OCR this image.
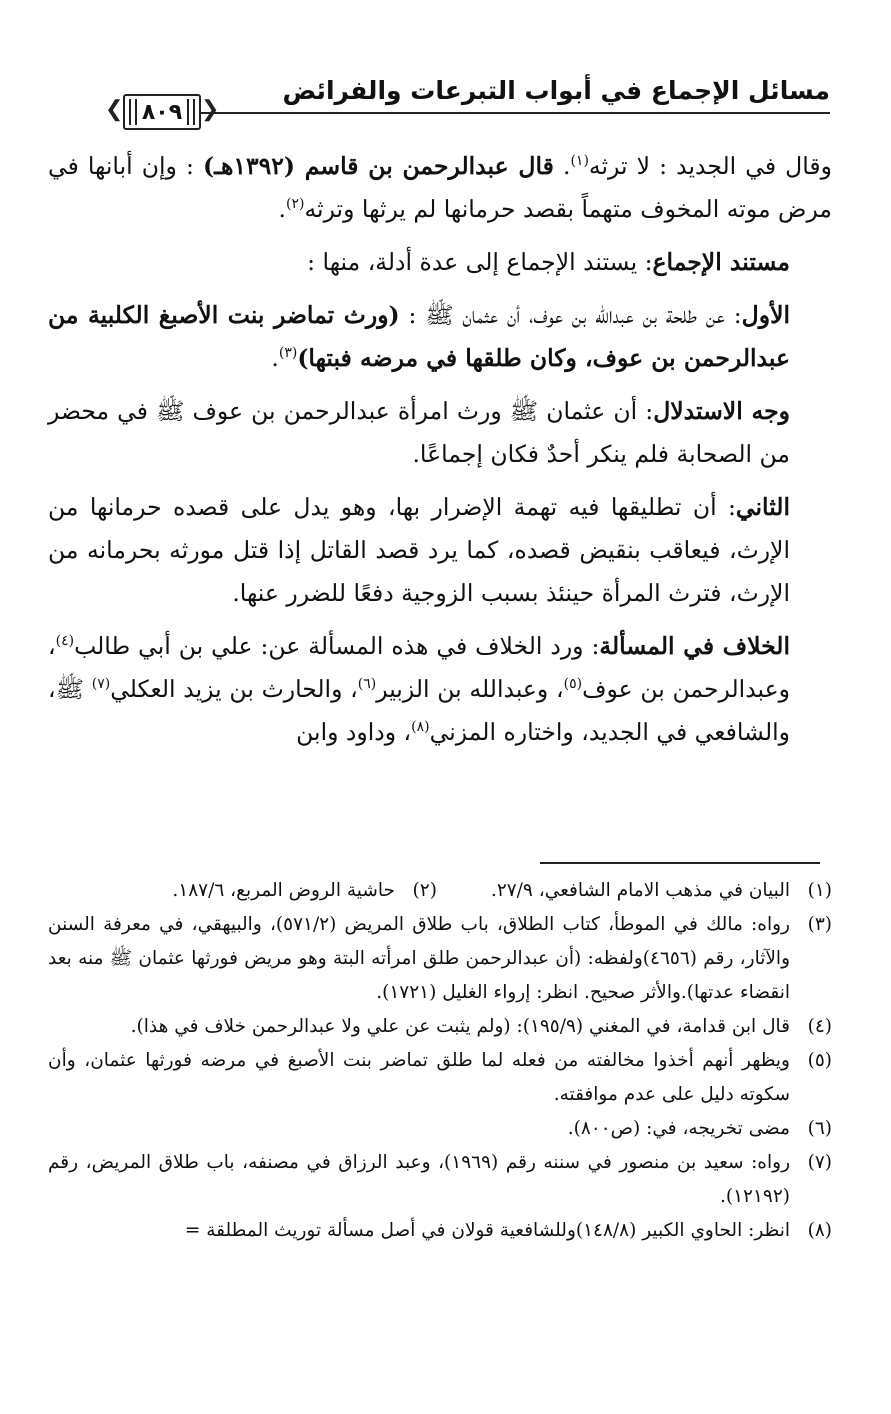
مسائل الإجماع في أبواب التبرعات والفرائض
❮ ٨٠٩ ❯

وقال في الجديد : لا ترثه$^{(١)}$. قال عبدالرحمن بن قاسم (١٣٩٢هـ) : وإن أبانها في مرض موته المخوف متهماً بقصد حرمانها لم يرثها وترثه$^{(٢)}$.

مستند الإجماع: يستند الإجماع إلى عدة أدلة، منها :

الأول: عن طلحة بن عبدالله بن عوف، أن عثمان ﷺ : (ورث تماضر بنت الأصبغ الكلبية من عبدالرحمن بن عوف، وكان طلقها في مرضه فبتها)$^{(٣)}$.

وجه الاستدلال: أن عثمان ﷺ ورث امرأة عبدالرحمن بن عوف ﷺ في محضر من الصحابة فلم ينكر أحدٌ فكان إجماعًا.

الثاني: أن تطليقها فيه تهمة الإضرار بها، وهو يدل على قصده حرمانها من الإرث، فيعاقب بنقيض قصده، كما يرد قصد القاتل إذا قتل مورثه بحرمانه من الإرث، فترث المرأة حينئذ بسبب الزوجية دفعًا للضرر عنها.

الخلاف في المسألة: ورد الخلاف في هذه المسألة عن: علي بن أبي طالب$^{(٤)}$، وعبدالرحمن بن عوف$^{(٥)}$، وعبدالله بن الزبير$^{(٦)}$، والحارث بن يزيد العكلي$^{(٧)}$ ﷺ، والشافعي في الجديد، واختاره المزني$^{(٨)}$، وداود وابن

(١)
البيان في مذهب الامام الشافعي، ٢٧/٩.
(٢)
حاشية الروض المربع، ١٨٧/٦.
(٣)
رواه: مالك في الموطأ، كتاب الطلاق، باب طلاق المريض (٥٧١/٢)، والبيهقي، في معرفة السنن والآثار، رقم (٤٦٥٦)ولفظه: (أن عبدالرحمن طلق امرأته البتة وهو مريض فورثها عثمان ﷺ منه بعد انقضاء عدتها).والأثر صحيح. انظر: إرواء الغليل (١٧٢١).
(٤)
قال ابن قدامة، في المغني (١٩٥/٩): (ولم يثبت عن علي ولا عبدالرحمن خلاف في هذا).
(٥)
ويظهر أنهم أخذوا مخالفته من فعله لما طلق تماضر بنت الأصبغ في مرضه فورثها عثمان، وأن سكوته دليل على عدم موافقته.
(٦)
مضى تخريجه، في: (ص٨٠٠).
(٧)
رواه: سعيد بن منصور في سننه رقم (١٩٦٩)، وعبد الرزاق في مصنفه، باب طلاق المريض، رقم (١٢١٩٢).
(٨)
انظر: الحاوي الكبير (١٤٨/٨)وللشافعية قولان في أصل مسألة توريث المطلقة =
